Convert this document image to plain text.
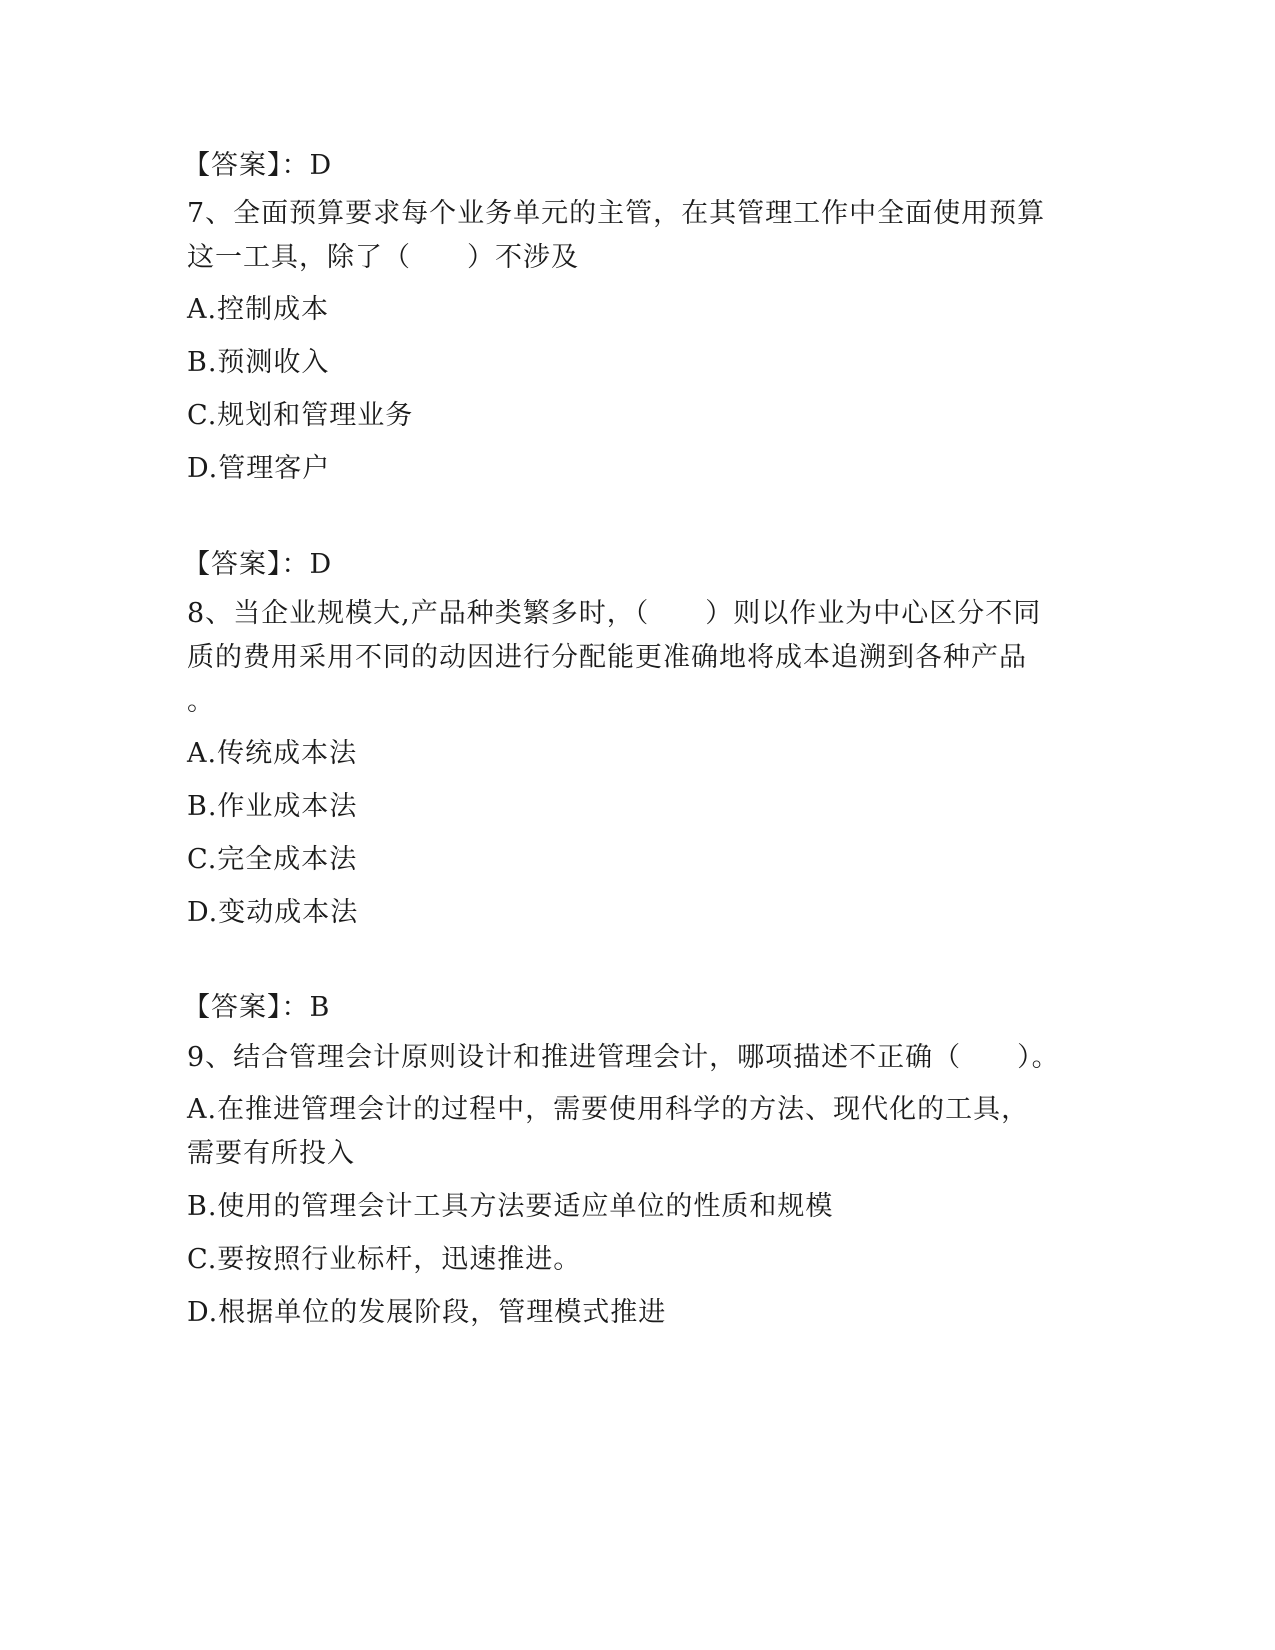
【答案】：D
7、全面预算要求每个业务单元的主管，在其管理工作中全面使用预算
这一工具，除了（　　）不涉及
A.控制成本
B.预测收入
C.规划和管理业务
D.管理客户
【答案】：D
8、当企业规模大,产品种类繁多时，（　　）则以作业为中心区分不同
质的费用采用不同的动因进行分配能更准确地将成本追溯到各种产品
。
A.传统成本法
B.作业成本法
C.完全成本法
D.变动成本法
【答案】：B
9、结合管理会计原则设计和推进管理会计，哪项描述不正确（　　）。
A.在推进管理会计的过程中，需要使用科学的方法、现代化的工具，
需要有所投入
B.使用的管理会计工具方法要适应单位的性质和规模
C.要按照行业标杆，迅速推进。
D.根据单位的发展阶段，管理模式推进
